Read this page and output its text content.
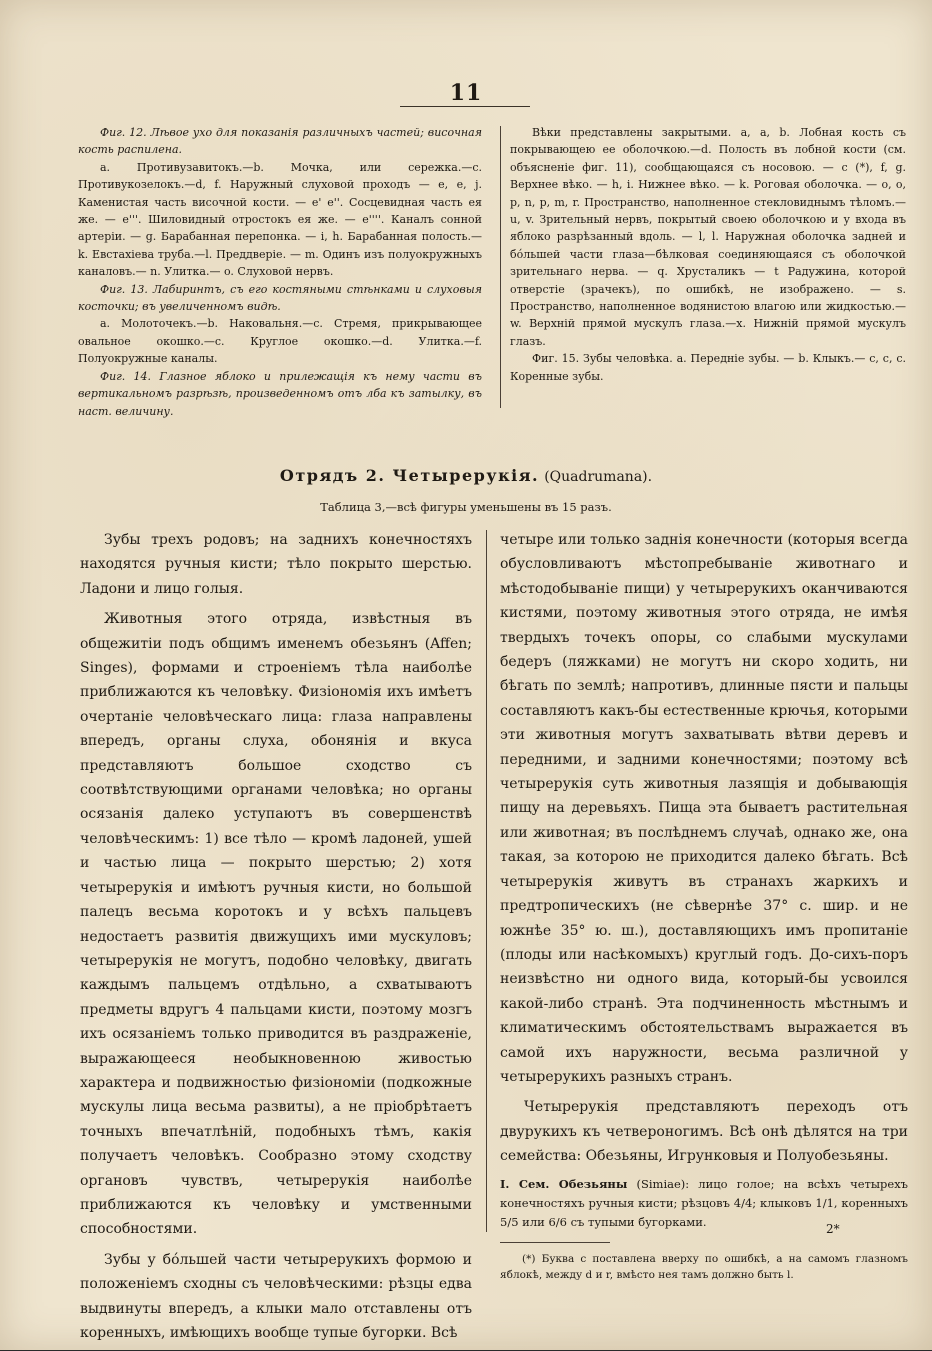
11

Фиг. 12. Лѣвое ухо для показанія различныхъ частей; височная кость распилена.

а. Противузавитокъ.—b. Мочка, или сережка.—c. Противукозелокъ.—d, f. Наружный слуховой проходъ — e, e, j. Каменистая часть височной кости. — e' e''. Сосцевидная часть ея же. — e'''. Шиловидный отростокъ ея же. — e''''. Каналъ сонной артеріи. — g. Барабанная перепонка. — i, h. Барабанная полость.—k. Евстахіева труба.—l. Преддверіе. — m. Одинъ изъ полуокружныхъ каналовъ.— n. Улитка.— o. Слуховой нервъ.

Фиг. 13. Лабиринтъ, съ его костяными стѣнками и слуховыя косточки; въ увеличенномъ видѣ.

а. Молоточекъ.—b. Наковальня.—c. Стремя, прикрывающее овальное окошко.—c. Круглое окошко.—d. Улитка.—f. Полуокружные каналы.

Фиг. 14. Глазное яблоко и прилежащія къ нему части въ вертикальномъ разрѣзѣ, произведенномъ отъ лба къ затылку, въ наст. величину.

Вѣки представлены закрытыми. a, a, b. Лобная кость съ покрывающею ее оболочкою.—d. Полость въ лобной кости (см. объясненіе фиг. 11), сообщающаяся съ носовою. — c (*), f, g. Верхнее вѣко. — h, i. Нижнее вѣко. — k. Роговая оболочка. — o, o, p, n, p, m, r. Пространство, наполненное стекловиднымъ тѣломъ.—u, v. Зрительный нервъ, покрытый своею оболочкою и у входа въ яблоко разрѣзанный вдоль. — l, l. Наружная оболочка задней и бóльшей части глаза—бѣлковая соединяющаяся съ оболочкой зрительнаго нерва. — q. Хрусталикъ — t Радужина, которой отверстіе (зрачекъ), по ошибкѣ, не изображено. — s. Пространство, наполненное водянистою влагою или жидкостью.—w. Верхній прямой мускулъ глаза.—x. Нижній прямой мускулъ глазъ.

Фиг. 15. Зубы человѣка. а. Передніе зубы. — b. Клыкъ.— c, c, c. Коренные зубы.

Отрядъ 2. Четырерукія. (Quadrumana).
Таблица 3,—всѣ фигуры уменьшены въ 15 разъ.

Зубы трехъ родовъ; на заднихъ конечностяхъ находятся ручныя кисти; тѣло покрыто шерстью. Ладони и лицо голыя.

Животныя этого отряда, извѣстныя въ общежитіи подъ общимъ именемъ обезьянъ (Affen; Singes), формами и строеніемъ тѣла наиболѣе приближаются къ человѣку. Физіономія ихъ имѣетъ очертаніе человѣческаго лица: глаза направлены впередъ, органы слуха, обонянія и вкуса представляютъ большое сходство съ соотвѣтствующими органами человѣка; но органы осязанія далеко уступаютъ въ совершенствѣ человѣческимъ: 1) все тѣло — кромѣ ладоней, ушей и частью лица — покрыто шерстью; 2) хотя четырерукія и имѣютъ ручныя кисти, но большой палецъ весьма коротокъ и у всѣхъ пальцевъ недостаетъ развитія движущихъ ими мускуловъ; четырерукія не могутъ, подобно человѣку, двигать каждымъ пальцемъ отдѣльно, а схватываютъ предметы вдругъ 4 пальцами кисти, поэтому мозгъ ихъ осязаніемъ только приводится въ раздраженіе, выражающееся необыкновенною живостью характера и подвижностью физіономіи (подкожные мускулы лица весьма развиты), а не пріобрѣтаетъ точныхъ впечатлѣній, подобныхъ тѣмъ, какія получаетъ человѣкъ. Сообразно этому сходству органовъ чувствъ, четырерукія наиболѣе приближаются къ человѣку и умственными способностями.

Зубы у бóльшей части четырерукихъ формою и положеніемъ сходны съ человѣческими: рѣзцы едва выдвинуты впередъ, а клыки мало отставлены отъ коренныхъ, имѣющихъ вообще тупые бугорки. Всѣ

четыре или только заднія конечности (которыя всегда обусловливаютъ мѣстопребываніе животнаго и мѣстодобываніе пищи) у четырерукихъ оканчиваются кистями, поэтому животныя этого отряда, не имѣя твердыхъ точекъ опоры, со слабыми мускулами бедеръ (ляжками) не могутъ ни скоро ходить, ни бѣгать по землѣ; напротивъ, длинные пясти и пальцы составляютъ какъ-бы естественные крючья, которыми эти животныя могутъ захватывать вѣтви деревъ и передними, и задними конечностями; поэтому всѣ четырерукія суть животныя лазящія и добывающія пищу на деревьяхъ. Пища эта бываетъ растительная или животная; въ послѣднемъ случаѣ, однако же, она такая, за которою не приходится далеко бѣгать. Всѣ четырерукія живутъ въ странахъ жаркихъ и предтропическихъ (не сѣвернѣе 37° с. шир. и не южнѣе 35° ю. ш.), доставляющихъ имъ пропитаніе (плоды или насѣкомыхъ) круглый годъ. До-сихъ-поръ неизвѣстно ни одного вида, который-бы усвоился какой-либо странѣ. Эта подчиненность мѣстнымъ и климатическимъ обстоятельствамъ выражается въ самой ихъ наружности, весьма различной у четырерукихъ разныхъ странъ.

Четырерукія представляютъ переходъ отъ двурукихъ къ четвероногимъ. Всѣ онѣ дѣлятся на три семейства: Обезьяны, Игрунковыя и Полуобезьяны.

I. Сем. Обезьяны (Simiae): лицо голое; на всѣхъ четырехъ конечностяхъ ручныя кисти; рѣзцовъ 4/4; клыковъ 1/1, коренныхъ 5/5 или 6/6 съ тупыми бугорками.

(*) Буква c поставлена вверху по ошибкѣ, а на самомъ глазномъ яблокѣ, между d и r, вмѣсто нея тамъ должно быть l.

2*
